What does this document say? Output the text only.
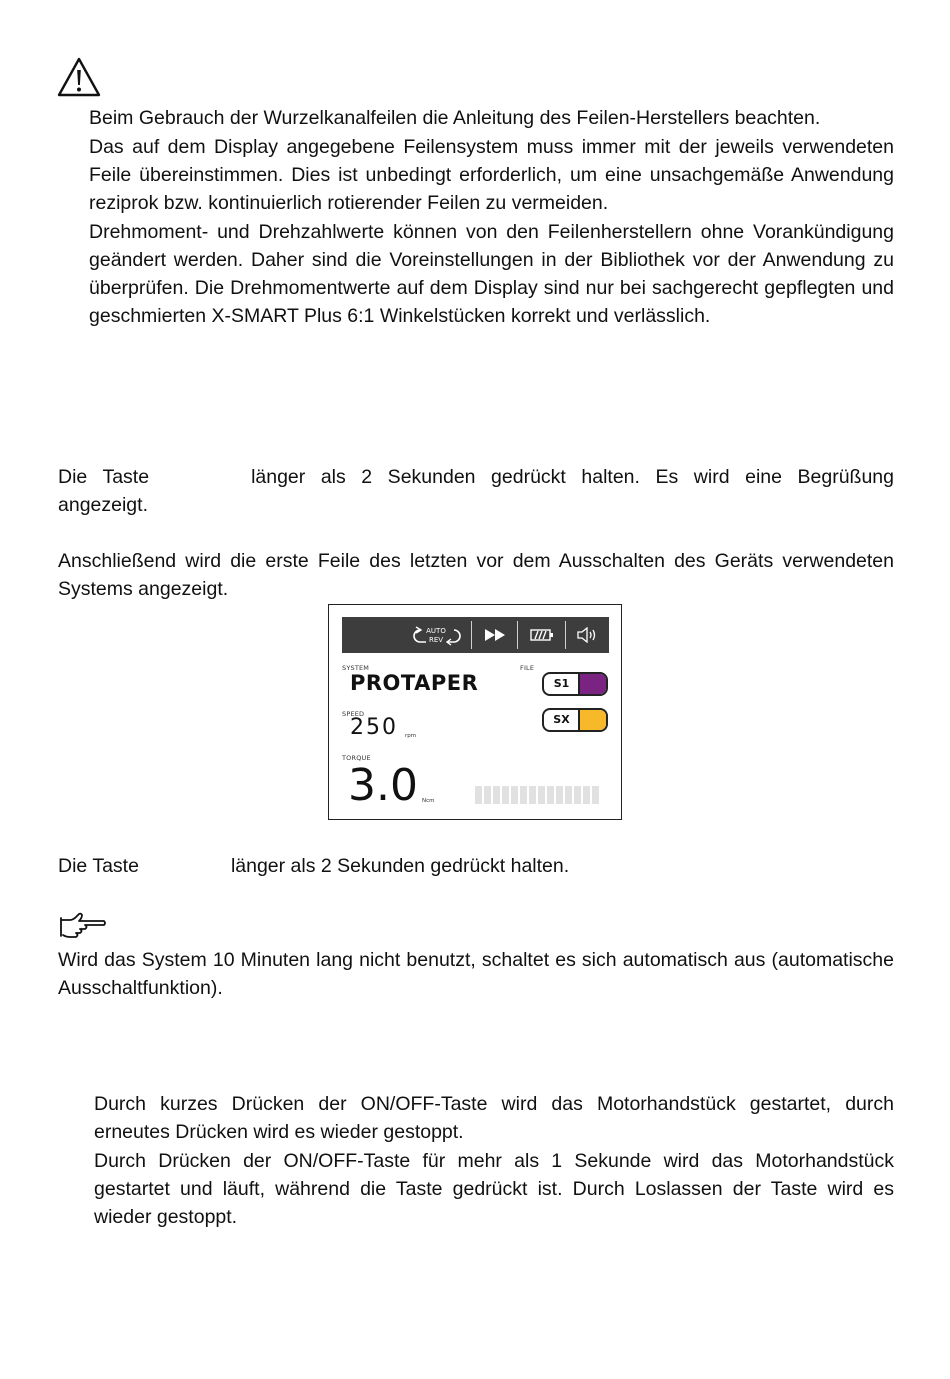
Beim Gebrauch der Wurzelkanalfeilen die Anleitung des Feilen-Herstellers beachten.

Das auf dem Display angegebene Feilensystem muss immer mit der jeweils verwendeten Feile übereinstimmen. Dies ist unbedingt erforderlich, um eine unsachgemäße Anwendung reziprok bzw. kontinuierlich rotierender Feilen zu vermeiden.

Drehmoment- und Drehzahlwerte können von den Feilenherstellern ohne Vorankündigung geändert werden. Daher sind die Voreinstellungen in der Bibliothek vor der Anwendung zu überprüfen. Die Drehmomentwerte auf dem Display sind nur bei sachgerecht gepflegten und geschmierten X-SMART Plus 6:1 Winkelstücken korrekt und verlässlich.

Die Taste	länger als 2 Sekunden gedrückt halten. Es wird eine Begrüßung angezeigt.

Anschließend wird die erste Feile des letzten vor dem Ausschalten des Geräts verwendeten Systems angezeigt.

AUTO
REV
SYSTEM
PROTAPER
FILE
S1
SX
SPEED
250 rpm
TORQUE
3.0 Ncm

Die Taste	länger als 2 Sekunden gedrückt halten.

Wird das System 10 Minuten lang nicht benutzt, schaltet es sich automatisch aus (automatische Ausschaltfunktion).

Durch kurzes Drücken der ON/OFF-Taste wird das Motorhandstück gestartet, durch erneutes Drücken wird es wieder gestoppt.

Durch Drücken der ON/OFF-Taste für mehr als 1 Sekunde wird das Motorhandstück gestartet und läuft, während die Taste gedrückt ist. Durch Loslassen der Taste wird es wieder gestoppt.
